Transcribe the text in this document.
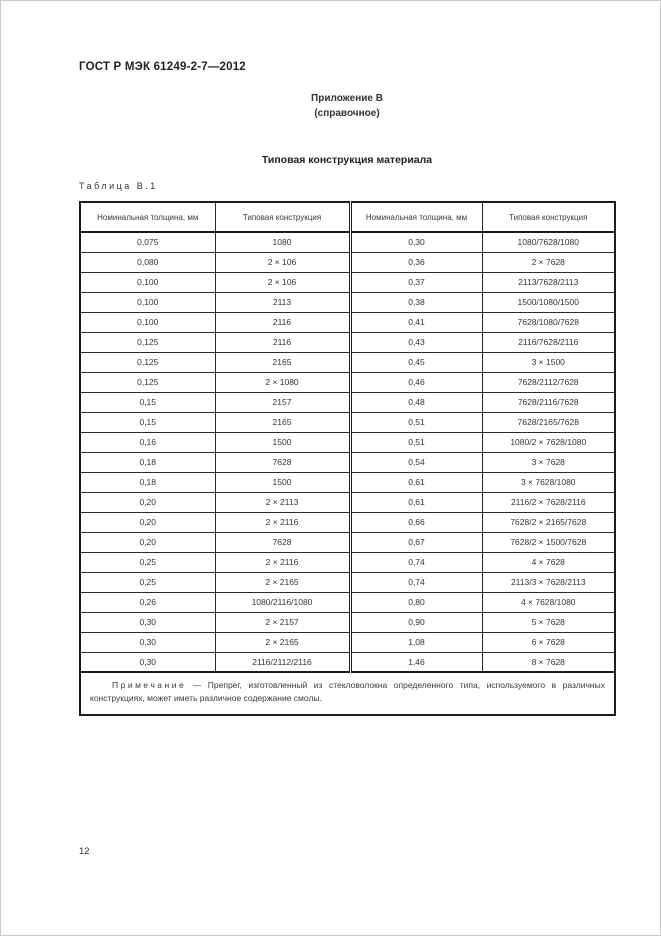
ГОСТ Р МЭК 61249-2-7—2012
Приложение В
(справочное)
Типовая конструкция материала
Таблица В.1
Номинальная толщина, мм	Типовая конструкция	Номинальная толщина, мм	Типовая конструкция
0,075	1080	0,30	1080/7628/1080
0,080	2 × 106	0,36	2 × 7628
0,100	2 × 106	0,37	2113/7628/2113
0,100	2113	0,38	1500/1080/1500
0,100	2116	0,41	7628/1080/7628
0,125	2116	0,43	2116/7628/2116
0,125	2165	0,45	3 × 1500
0,125	2 × 1080	0,46	7628/2112/7628
0,15	2157	0,48	7628/2116/7628
0,15	2165	0,51	7628/2165/7628
0,16	1500	0,51	1080/2 × 7628/1080
0,18	7628	0,54	3 × 7628
0,18	1500	0,61	3 × 7628/1080
0,20	2 × 2113	0,61	2116/2 × 7628/2116
0,20	2 × 2116	0,66	7628/2 × 2165/7628
0,20	7628	0,67	7628/2 × 1500/7628
0,25	2 × 2116	0,74	4 × 7628
0,25	2 × 2165	0,74	2113/3 × 7628/2113
0,26	1080/2116/1080	0,80	4 × 7628/1080
0,30	2 × 2157	0,90	5 × 7628
0,30	2 × 2165	1,08	6 × 7628
0,30	2116/2112/2116	1,46	8 × 7628
Примечание — Препрег, изготовленный из стекловолокна определенного типа, используемого в различных конструкциях, может иметь различное содержание смолы.			
12
